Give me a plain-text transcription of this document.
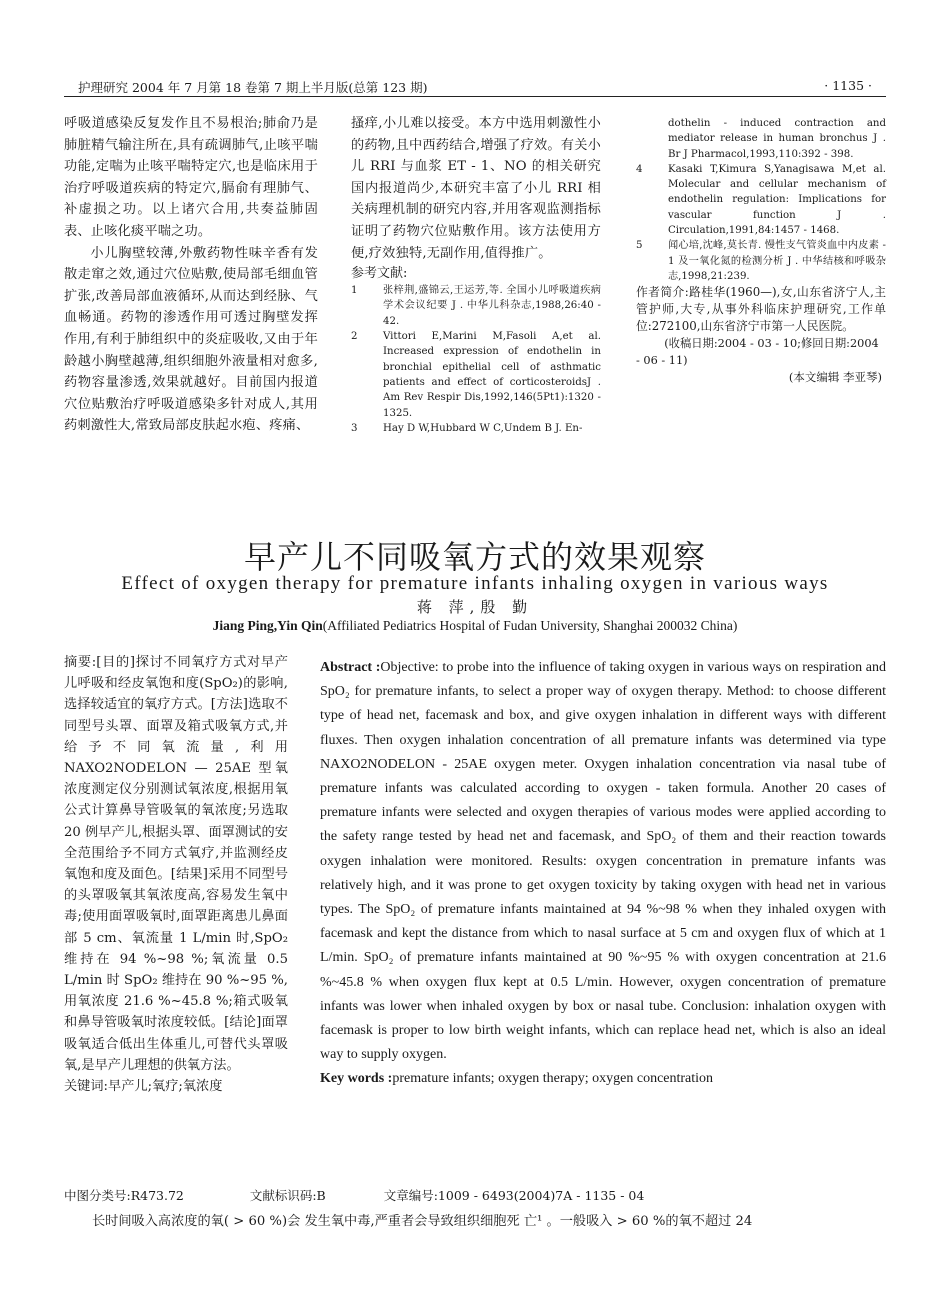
护理研究 2004 年 7 月第 18 卷第 7 期上半月版(总第 123 期)	· 1135 ·

呼吸道感染反复发作且不易根治;肺俞乃是肺脏精气输注所在,具有疏调肺气,止咳平喘功能,定喘为止咳平喘特定穴,也是临床用于治疗呼吸道疾病的特定穴,膈俞有理肺气、补虚损之功。以上诸穴合用,共奏益肺固表、止咳化痰平喘之功。

小儿胸壁较薄,外敷药物性味辛香有发散走窜之效,通过穴位贴敷,使局部毛细血管扩张,改善局部血液循环,从而达到经脉、气血畅通。药物的渗透作用可透过胸壁发挥作用,有利于肺组织中的炎症吸收,又由于年龄越小胸壁越薄,组织细胞外液量相对愈多,药物容量渗透,效果就越好。目前国内报道穴位贴敷治疗呼吸道感染多针对成人,其用药刺激性大,常致局部皮肤起水疱、疼痛、

搔痒,小儿难以接受。本方中选用刺激性小的药物,且中西药结合,增强了疗效。有关小儿 RRI 与血浆 ET - 1、NO 的相关研究国内报道尚少,本研究丰富了小儿 RRI 相关病理机制的研究内容,并用客观监测指标证明了药物穴位贴敷作用。该方法使用方便,疗效独特,无副作用,值得推广。

参考文献:
1	张梓荆,盛锦云,王运芳,等. 全国小儿呼吸道疾病学术会议纪要 J . 中华儿科杂志,1988,26:40 - 42.
2	Vittori E,Marini M,Fasoli A,et al. Increased expression of endothelin in bronchial epithelial cell of asthmatic patients and effect of corticosteroidsJ . Am Rev Respir Dis,1992,146(5Pt1):1320 - 1325.
3	Hay D W,Hubbard W C,Undem B J. En-
dothelin - induced contraction and mediator release in human bronchus J . Br J Pharmacol,1993,110:392 - 398.
4	Kasaki T,Kimura S,Yanagisawa M,et al. Molecular and cellular mechanism of endothelin regulation: Implications for vascular function J . Circulation,1991,84:1457 - 1468.
5	闻心培,沈峰,莫长青. 慢性支气管炎血中内皮素 - 1 及一氧化氮的检测分析 J . 中华结核和呼吸杂志,1998,21:239.
作者简介:路桂华(1960—),女,山东省济宁人,主管护师,大专,从事外科临床护理研究,工作单位:272100,山东省济宁市第一人民医院。
(收稿日期:2004 - 03 - 10;修回日期:2004 - 06 - 11)
(本文编辑 李亚琴)
早产儿不同吸氧方式的效果观察
Effect of oxygen therapy for premature infants inhaling oxygen in various ways
蒋 萍,殷 勤
Jiang Ping,Yin Qin(Affiliated Pediatrics Hospital of Fudan University, Shanghai 200032 China)

摘要:[目的]探讨不同氧疗方式对早产儿呼吸和经皮氧饱和度(SpO₂)的影响,选择较适宜的氧疗方式。[方法]选取不同型号头罩、面罩及箱式吸氧方式,并给予不同氧流量,利用 NAXO2NODELON — 25AE 型氧浓度测定仪分别测试氧浓度,根据用氧公式计算鼻导管吸氧的氧浓度;另选取 20 例早产儿,根据头罩、面罩测试的安全范围给予不同方式氧疗,并监测经皮氧饱和度及面色。[结果]采用不同型号的头罩吸氧其氧浓度高,容易发生氧中毒;使用面罩吸氧时,面罩距离患儿鼻面部 5 cm、氧流量 1 L/min 时,SpO₂ 维持在 94 %~98 %;氧流量 0.5 L/min 时 SpO₂ 维持在 90 %~95 %,用氧浓度 21.6 %~45.8 %;箱式吸氧和鼻导管吸氧时浓度较低。[结论]面罩吸氧适合低出生体重儿,可替代头罩吸氧,是早产儿理想的供氧方法。

关键词:早产儿;氧疗;氧浓度

Abstract :Objective: to probe into the influence of taking oxygen in various ways on respiration and SpO₂ for premature infants, to select a proper way of oxygen therapy. Method: to choose different type of head net, facemask and box, and give oxygen inhalation in different ways with different fluxes. Then oxygen inhalation concentration of all premature infants was determined via type NAXO2NODELON - 25AE oxygen meter. Oxygen inhalation concentration via nasal tube of premature infants was calculated according to oxygen - taken formula. Another 20 cases of premature infants were selected and oxygen therapies of various modes were applied according to the safety range tested by head net and facemask, and SpO₂ of them and their reaction towards oxygen inhalation were monitored. Results: oxygen concentration in premature infants was relatively high, and it was prone to get oxygen toxicity by taking oxygen with head net in various types. The SpO₂ of premature infants maintained at 94 %~98 % when they inhaled oxygen with facemask and kept the distance from which to nasal surface at 5 cm and oxygen flux of which at 1 L/min. SpO₂ of premature infants maintained at 90 %~95 % with oxygen concentration at 21.6 %~45.8 % when oxygen flux kept at 0.5 L/min. However, oxygen concentration of premature infants was lower when inhaled oxygen by box or nasal tube. Conclusion: inhalation oxygen with facemask is proper to low birth weight infants, which can replace head net, which is also an ideal way to supply oxygen.

Key words :premature infants; oxygen therapy; oxygen concentration

中图分类号:R473.72	文献标识码:B	文章编号:1009 - 6493(2004)7A - 1135 - 04
长时间吸入高浓度的氧( > 60 %)会 发生氧中毒,严重者会导致组织细胞死 亡¹ 。一般吸入 > 60 %的氧不超过 24
